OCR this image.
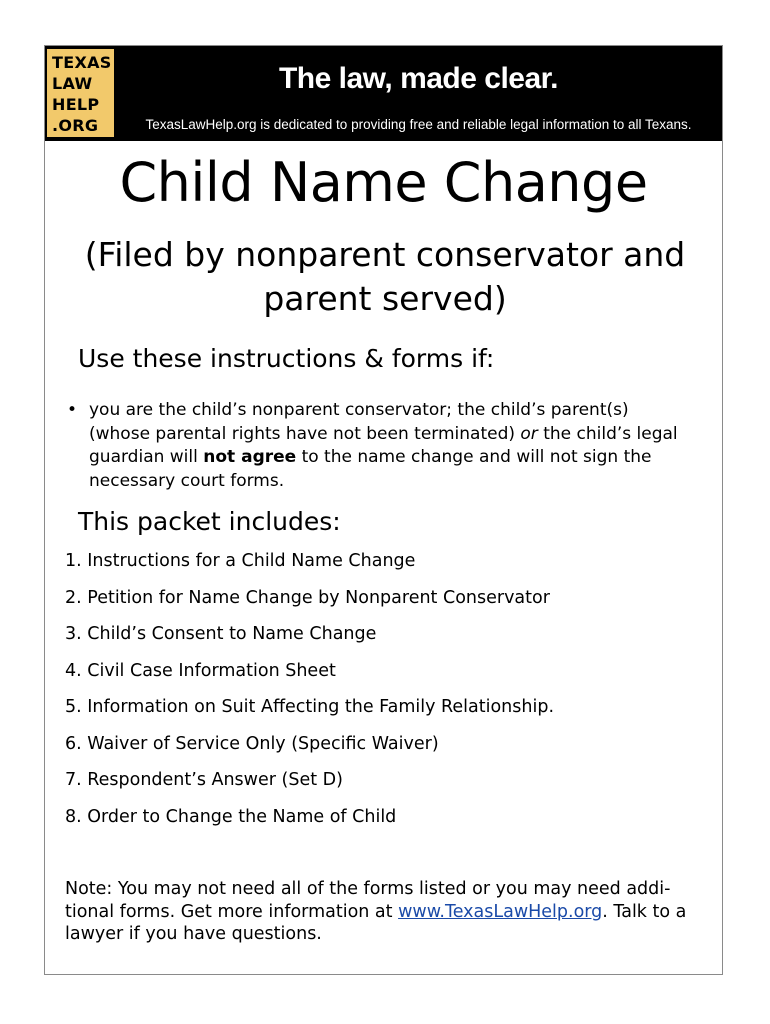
TEXAS
LAW
HELP
.ORG
The law, made clear.
TexasLawHelp.org is dedicated to providing free and reliable legal information to all Texans.
Child Name Change
(Filed by nonparent conservator and parent served)
Use these instructions & forms if:
• you are the child’s nonparent conservator; the child’s parent(s) (whose parental rights have not been terminated) or the child’s legal guardian will not agree to the name change and will not sign the necessary court forms.
This packet includes:
1. Instructions for a Child Name Change
2. Petition for Name Change by Nonparent Conservator
3. Child’s Consent to Name Change
4. Civil Case Information Sheet
5. Information on Suit Affecting the Family Relationship.
6. Waiver of Service Only (Specific Waiver)
7. Respondent’s Answer (Set D)
8. Order to Change the Name of Child
Note: You may not need all of the forms listed or you may need addi-tional forms. Get more information at www.TexasLawHelp.org. Talk to a lawyer if you have questions.
